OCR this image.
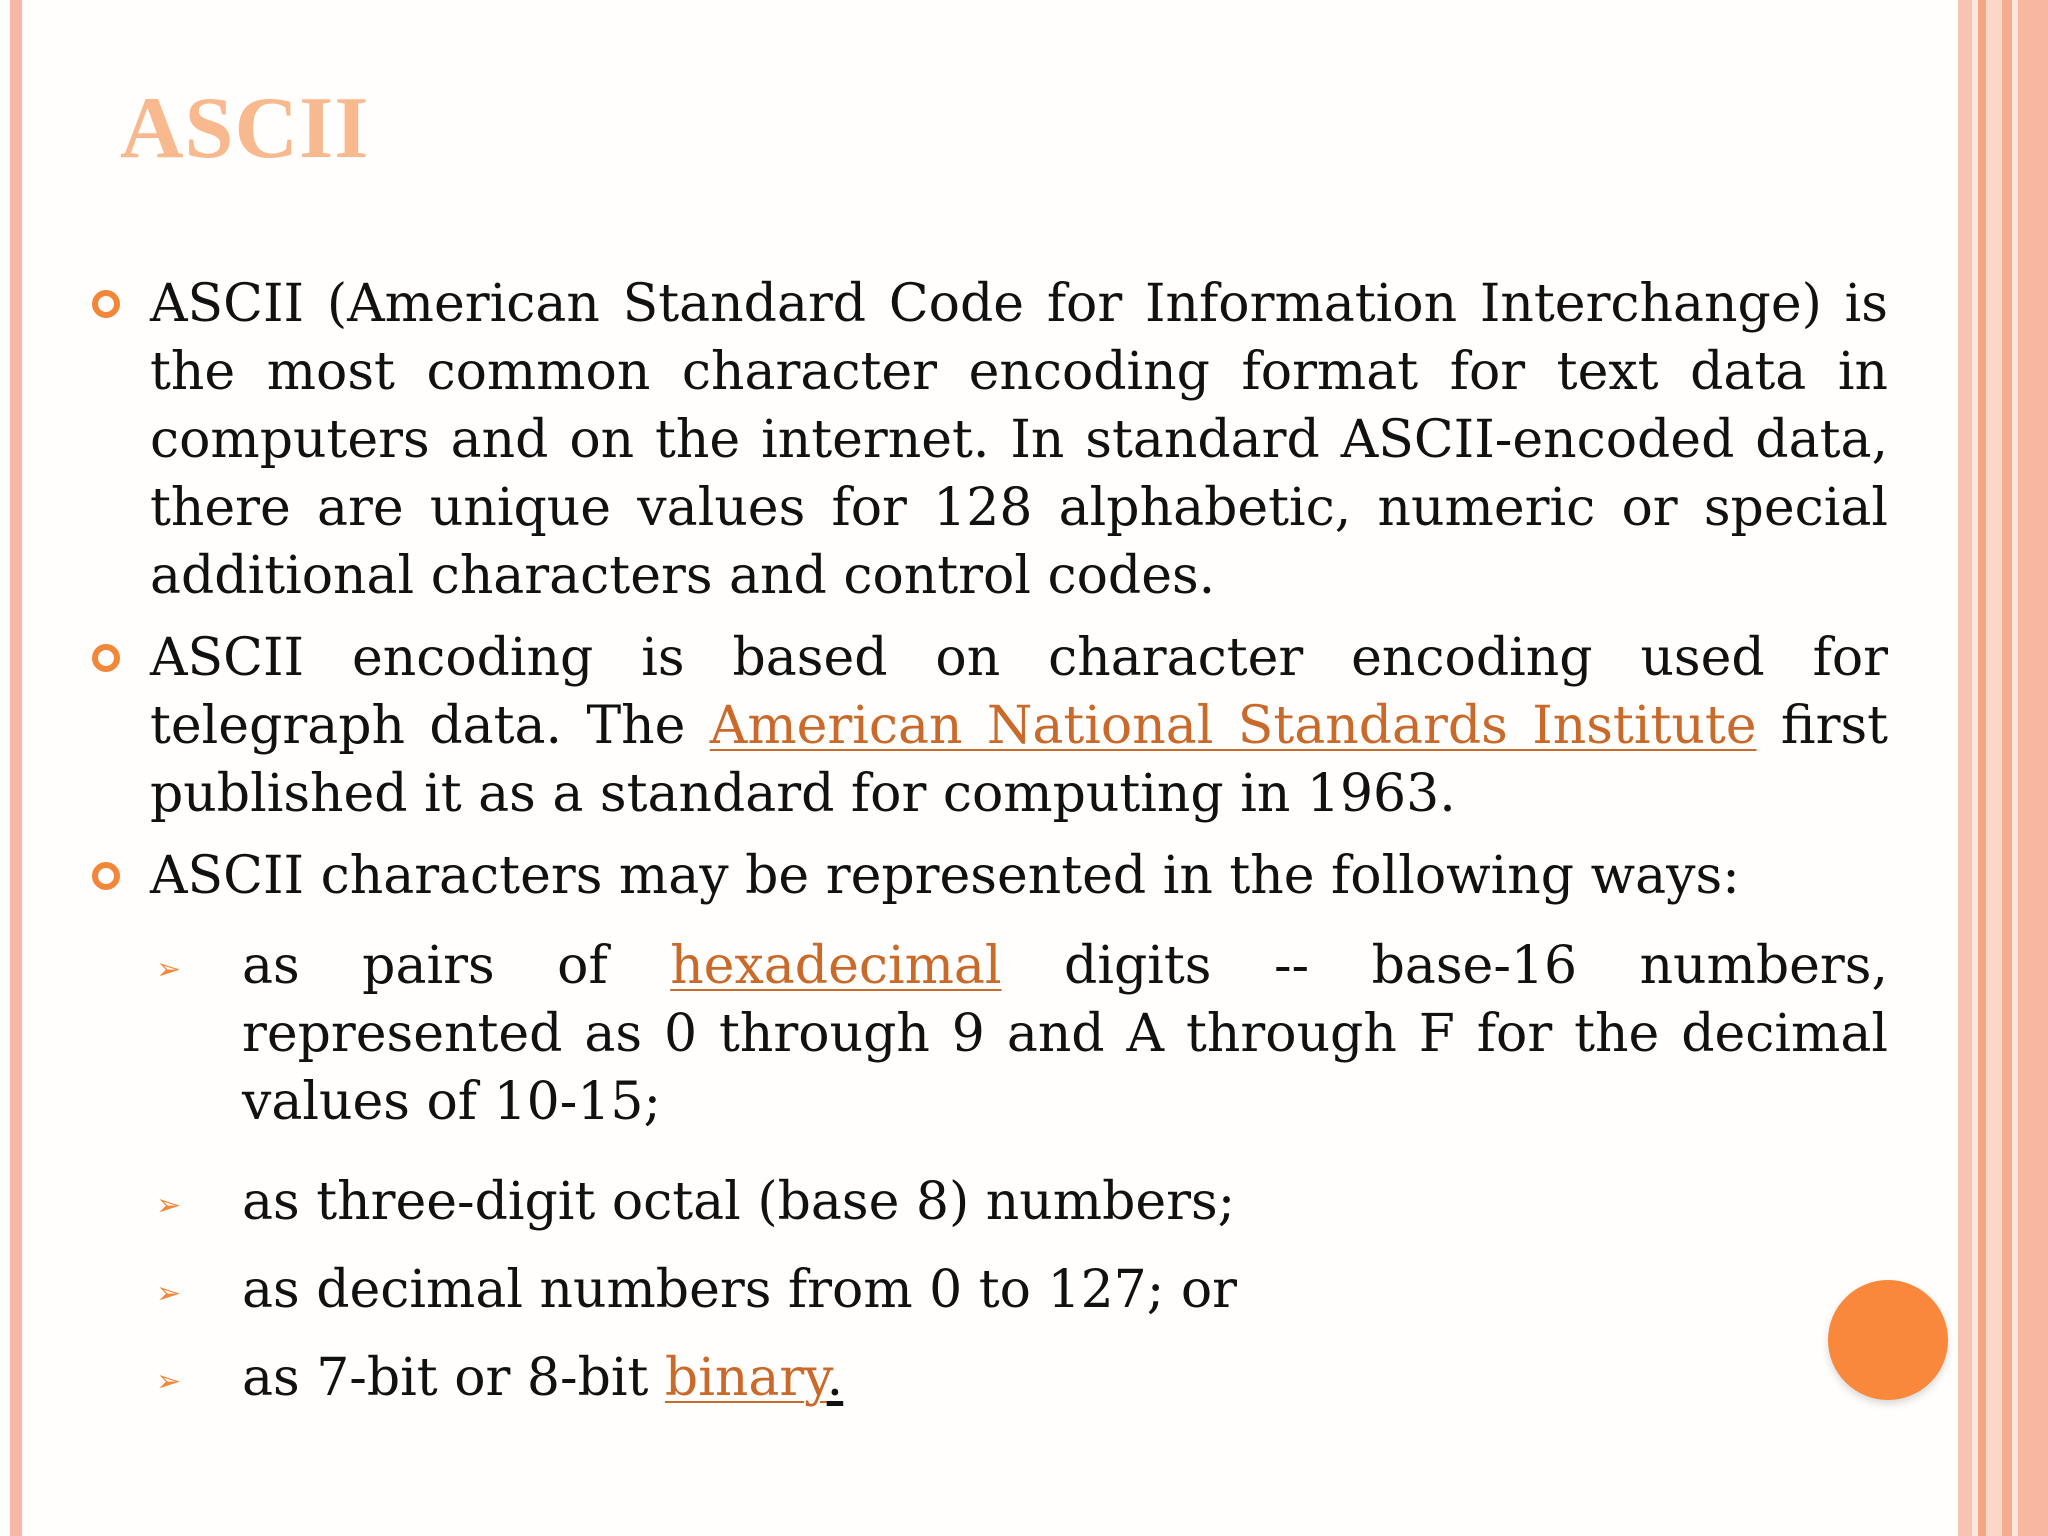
ASCII
ASCII (American Standard Code for Information Interchange) is the most common character encoding format for text data in computers and on the internet. In standard ASCII-encoded data, there are unique values for 128 alphabetic, numeric or special additional characters and control codes.
ASCII encoding is based on character encoding used for telegraph data. The American National Standards Institute first published it as a standard for computing in 1963.
ASCII characters may be represented in the following ways:
➢ as pairs of hexadecimal digits -- base-16 numbers, represented as 0 through 9 and A through F for the decimal values of 10-15;
➢ as three-digit octal (base 8) numbers;
➢ as decimal numbers from 0 to 127; or
➢ as 7-bit or 8-bit binary.
